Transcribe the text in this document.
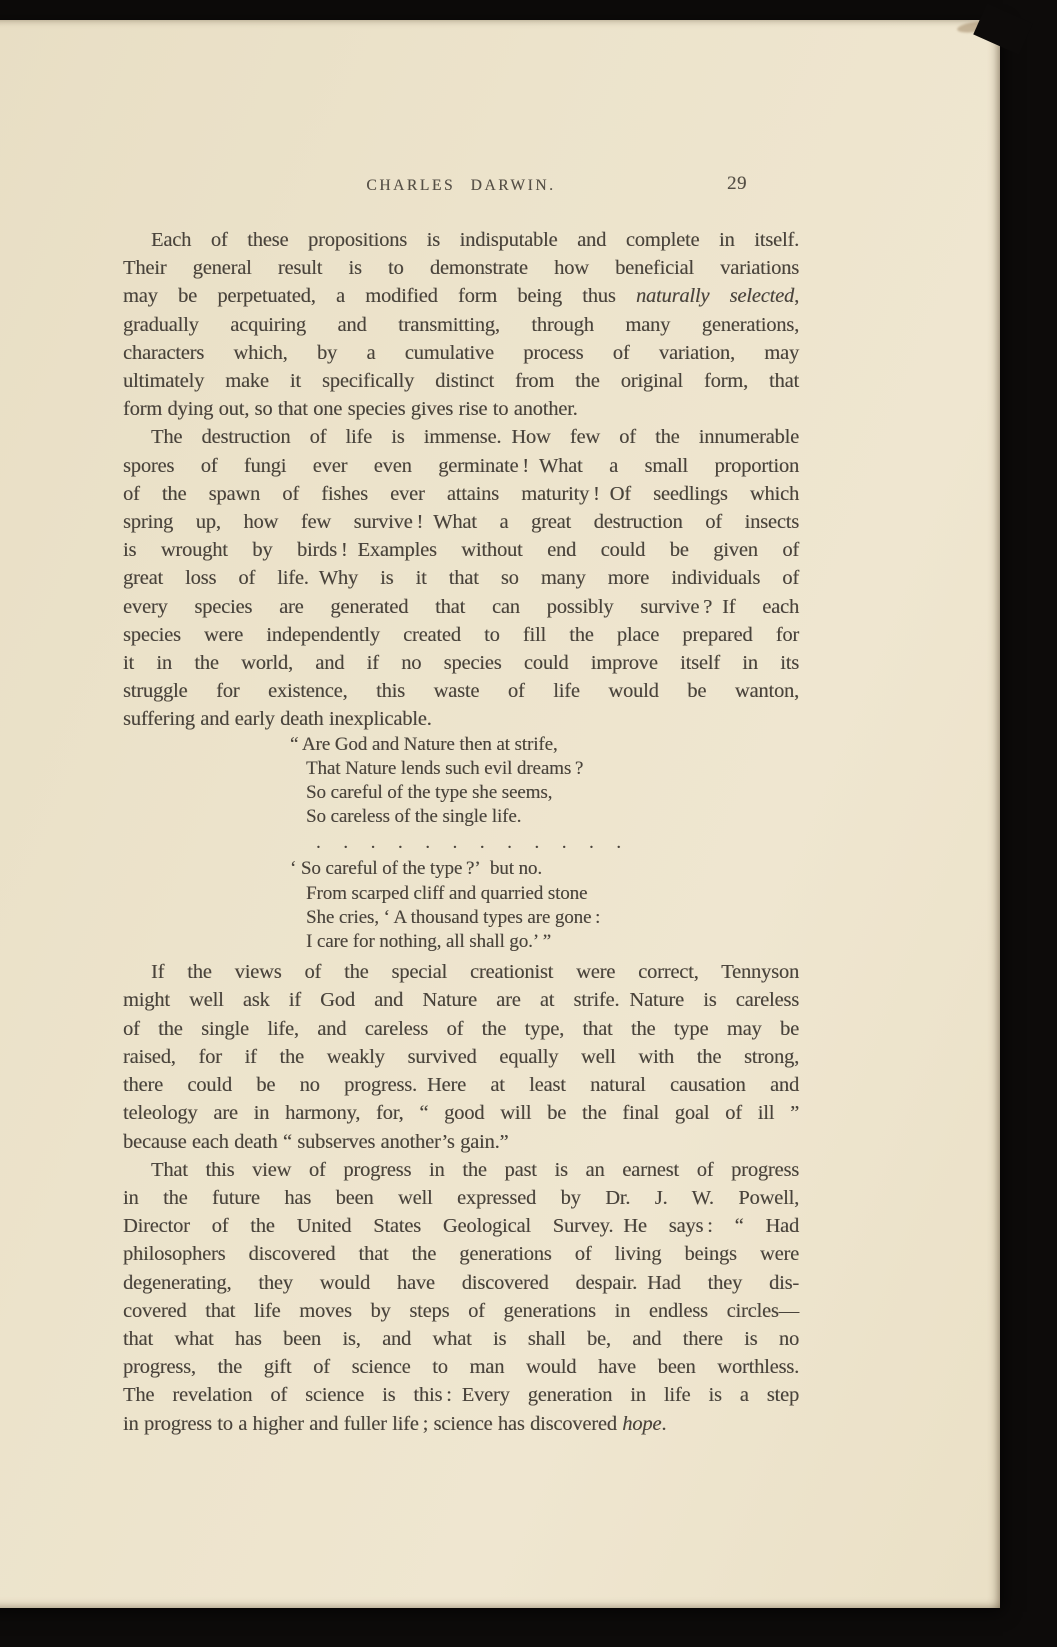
CHARLES DARWIN.	29
Each of these propositions is indisputable and complete in itself.
Their general result is to demonstrate how beneficial variations
may be perpetuated, a modified form being thus naturally selected,
gradually acquiring and transmitting, through many generations,
characters which, by a cumulative process of variation, may
ultimately make it specifically distinct from the original form, that
form dying out, so that one species gives rise to another.
The destruction of life is immense. How few of the innumerable
spores of fungi ever even germinate ! What a small proportion
of the spawn of fishes ever attains maturity ! Of seedlings which
spring up, how few survive ! What a great destruction of insects
is wrought by birds ! Examples without end could be given of
great loss of life. Why is it that so many more individuals of
every species are generated that can possibly survive ? If each
species were independently created to fill the place prepared for
it in the world, and if no species could improve itself in its
struggle for existence, this waste of life would be wanton,
suffering and early death inexplicable.
“ Are God and Nature then at strife,
That Nature lends such evil dreams ?
So careful of the type she seems,
So careless of the single life.
. . . . . . . . . . . .
‘ So careful of the type ?’ but no.
From scarped cliff and quarried stone
She cries, ‘ A thousand types are gone :
I care for nothing, all shall go.’ ”
If the views of the special creationist were correct, Tennyson
might well ask if God and Nature are at strife. Nature is careless
of the single life, and careless of the type, that the type may be
raised, for if the weakly survived equally well with the strong,
there could be no progress. Here at least natural causation and
teleology are in harmony, for, “ good will be the final goal of ill ”
because each death “ subserves another’s gain.”
That this view of progress in the past is an earnest of progress
in the future has been well expressed by Dr. J. W. Powell,
Director of the United States Geological Survey. He says : “ Had
philosophers discovered that the generations of living beings were
degenerating, they would have discovered despair. Had they dis-
covered that life moves by steps of generations in endless circles—
that what has been is, and what is shall be, and there is no
progress, the gift of science to man would have been worthless.
The revelation of science is this : Every generation in life is a step
in progress to a higher and fuller life ; science has discovered hope.
